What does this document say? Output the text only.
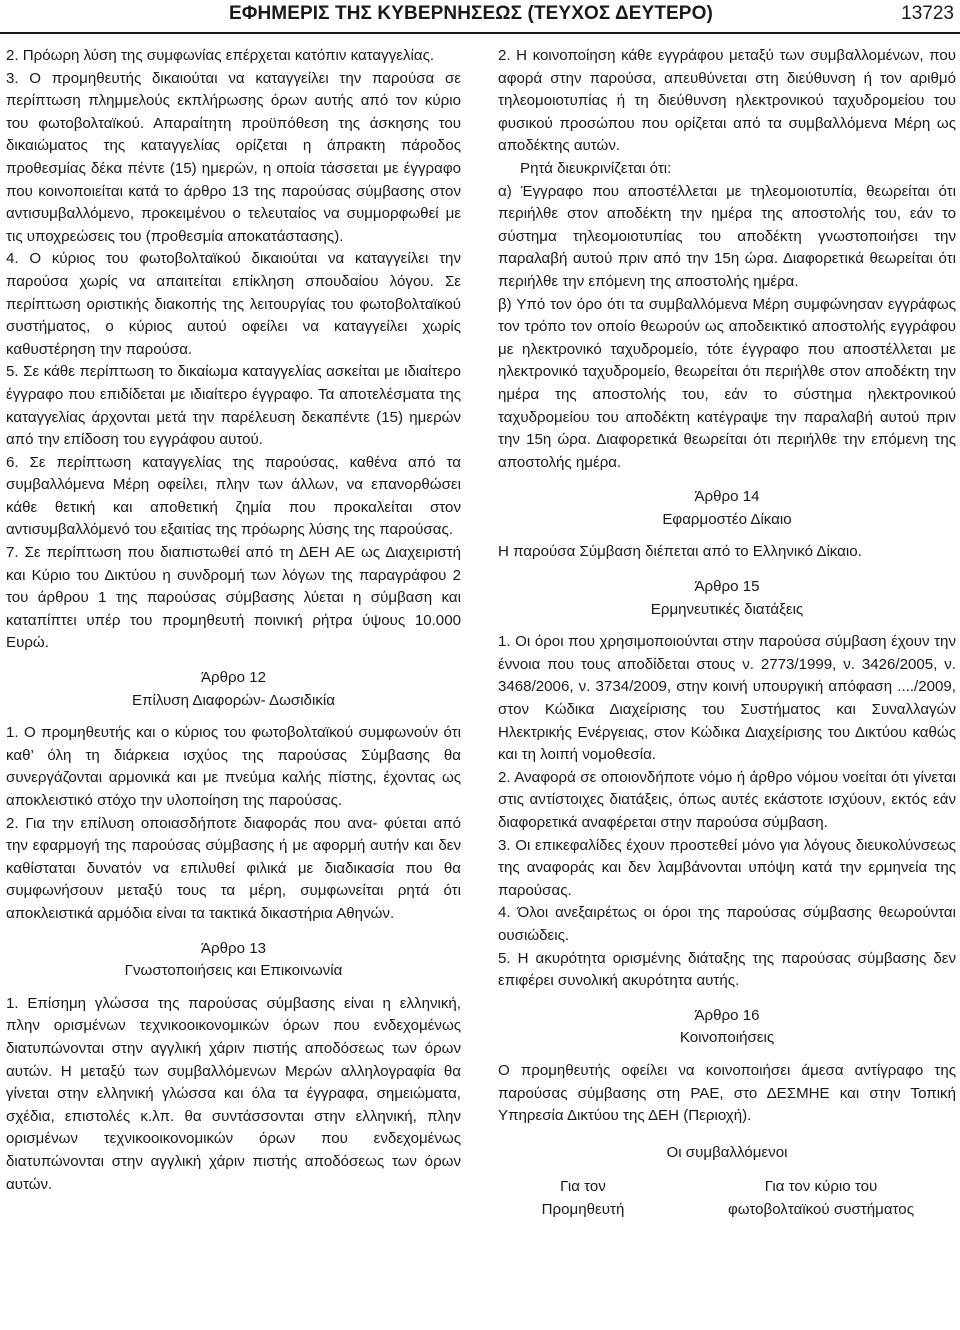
ΕΦΗΜΕΡΙΣ ΤΗΣ ΚΥΒΕΡΝΗΣΕΩΣ (ΤΕΥΧΟΣ ΔΕΥΤΕΡΟ)	13723

2. Πρόωρη λύση της συμφωνίας επέρχεται κατόπιν καταγγελίας.

3. Ο προμηθευτής δικαιούται να καταγγείλει την παρούσα σε περίπτωση πλημμελούς εκπλήρωσης όρων αυτής από τον κύριο του φωτοβολταϊκού. Απαραίτητη προϋπόθεση της άσκησης του δικαιώματος της καταγγελίας ορίζεται η άπρακτη πάροδος προθεσμίας δέκα πέντε (15) ημερών, η οποία τάσσεται με έγγραφο που κοινοποιείται κατά το άρθρο 13 της παρούσας σύμβασης στον αντισυμβαλλόμενο, προκειμένου ο τελευταίος να συμμορφωθεί με τις υποχρεώσεις του (προθεσμία αποκατάστασης).

4. Ο κύριος του φωτοβολταϊκού δικαιούται να καταγγείλει την παρούσα χωρίς να απαιτείται επίκληση σπουδαίου λόγου. Σε περίπτωση οριστικής διακοπής της λειτουργίας του φωτοβολταϊκού συστήματος, ο κύριος αυτού οφείλει να καταγγείλει χωρίς καθυστέρηση την παρούσα.

5. Σε κάθε περίπτωση το δικαίωμα καταγγελίας ασκείται με ιδιαίτερο έγγραφο που επιδίδεται με ιδιαίτερο έγγραφο. Τα αποτελέσματα της καταγγελίας άρχονται μετά την παρέλευση δεκαπέντε (15) ημερών από την επίδοση του εγγράφου αυτού.

6. Σε περίπτωση καταγγελίας της παρούσας, καθένα από τα συμβαλλόμενα Μέρη οφείλει, πλην των άλλων, να επανορθώσει κάθε θετική και αποθετική ζημία που προκαλείται στον αντισυμβαλλόμενό του εξαιτίας της πρόωρης λύσης της παρούσας.

7. Σε περίπτωση που διαπιστωθεί από τη ΔΕΗ ΑΕ ως Διαχειριστή και Κύριο του Δικτύου η συνδρομή των λόγων της παραγράφου 2 του άρθρου 1 της παρούσας σύμβασης λύεται η σύμβαση και καταπίπτει υπέρ του προμηθευτή ποινική ρήτρα ύψους 10.000 Ευρώ.

Άρθρο 12

Επίλυση Διαφορών- Δωσιδικία

1. Ο προμηθευτής και ο κύριος του φωτοβολταϊκού συμφωνούν ότι καθ’ όλη τη διάρκεια ισχύος της παρούσας Σύμβασης θα συνεργάζονται αρμονικά και με πνεύμα καλής πίστης, έχοντας ως αποκλειστικό στόχο την υλοποίηση της παρούσας.

2. Για την επίλυση οποιασδήποτε διαφοράς που ανα- φύεται από την εφαρμογή της παρούσας σύμβασης ή με αφορμή αυτήν και δεν καθίσταται δυνατόν να επιλυθεί φιλικά με διαδικασία που θα συμφωνήσουν μεταξύ τους τα μέρη, συμφωνείται ρητά ότι αποκλειστικά αρμόδια είναι τα τακτικά δικαστήρια Αθηνών.

Άρθρο 13

Γνωστοποιήσεις και Επικοινωνία

1. Επίσημη γλώσσα της παρούσας σύμβασης είναι η ελληνική, πλην ορισμένων τεχνικοοικονομικών όρων που ενδεχομένως διατυπώνονται στην αγγλική χάριν πιστής αποδόσεως των όρων αυτών. Η μεταξύ των συμβαλλόμενων Μερών αλληλογραφία θα γίνεται στην ελληνική γλώσσα και όλα τα έγγραφα, σημειώματα, σχέδια, επιστολές κ.λπ. θα συντάσσονται στην ελληνική, πλην ορισμένων τεχνικοοικονομικών όρων που ενδεχομένως διατυπώνονται στην αγγλική χάριν πιστής αποδόσεως των όρων αυτών.

2. Η κοινοποίηση κάθε εγγράφου μεταξύ των συμβαλλομένων, που αφορά στην παρούσα, απευθύνεται στη διεύθυνση ή τον αριθμό τηλεομοιοτυπίας ή τη διεύθυνση ηλεκτρονικού ταχυδρομείου του φυσικού προσώπου που ορίζεται από τα συμβαλλόμενα Μέρη ως αποδέκτης αυτών.

Ρητά διευκρινίζεται ότι:

α) Έγγραφο που αποστέλλεται με τηλεομοιοτυπία, θεωρείται ότι περιήλθε στον αποδέκτη την ημέρα της αποστολής του, εάν το σύστημα τηλεομοιοτυπίας του αποδέκτη γνωστοποιήσει την παραλαβή αυτού πριν από την 15η ώρα. Διαφορετικά θεωρείται ότι περιήλθε την επόμενη της αποστολής ημέρα.

β) Υπό τον όρο ότι τα συμβαλλόμενα Μέρη συμφώνησαν εγγράφως τον τρόπο τον οποίο θεωρούν ως αποδεικτικό αποστολής εγγράφου με ηλεκτρονικό ταχυδρομείο, τότε έγγραφο που αποστέλλεται με ηλεκτρονικό ταχυδρομείο, θεωρείται ότι περιήλθε στον αποδέκτη την ημέρα της αποστολής του, εάν το σύστημα ηλεκτρονικού ταχυδρομείου του αποδέκτη κατέγραψε την παραλαβή αυτού πριν την 15η ώρα. Διαφορετικά θεωρείται ότι περιήλθε την επόμενη της αποστολής ημέρα.

Άρθρο 14

Εφαρμοστέο Δίκαιο

Η παρούσα Σύμβαση διέπεται από το Ελληνικό Δίκαιο.

Άρθρο 15

Ερμηνευτικές διατάξεις

1. Οι όροι που χρησιμοποιούνται στην παρούσα σύμβαση έχουν την έννοια που τους αποδίδεται στους ν. 2773/1999, ν. 3426/2005, ν. 3468/2006, ν. 3734/2009, στην κοινή υπουργική απόφαση ..../2009, στον Κώδικα Διαχείρισης του Συστήματος και Συναλλαγών Ηλεκτρικής Ενέργειας, στον Κώδικα Διαχείρισης του Δικτύου καθώς και τη λοιπή νομοθεσία.

2. Αναφορά σε οποιονδήποτε νόμο ή άρθρο νόμου νοείται ότι γίνεται στις αντίστοιχες διατάξεις, όπως αυτές εκάστοτε ισχύουν, εκτός εάν διαφορετικά αναφέρεται στην παρούσα σύμβαση.

3. Οι επικεφαλίδες έχουν προστεθεί μόνο για λόγους διευκολύνσεως της αναφοράς και δεν λαμβάνονται υπόψη κατά την ερμηνεία της παρούσας.

4. Όλοι ανεξαιρέτως οι όροι της παρούσας σύμβασης θεωρούνται ουσιώδεις.

5. Η ακυρότητα ορισμένης διάταξης της παρούσας σύμβασης δεν επιφέρει συνολική ακυρότητα αυτής.

Άρθρο 16

Κοινοποιήσεις

Ο προμηθευτής οφείλει να κοινοποιήσει άμεσα αντίγραφο της παρούσας σύμβασης στη ΡΑΕ, στο ΔΕΣΜΗΕ και στην Τοπική Υπηρεσία Δικτύου της ΔΕΗ (Περιοχή).

Οι συμβαλλόμενοι

Για τον
Προμηθευτή
Για τον κύριο του
φωτοβολταϊκού συστήματος
